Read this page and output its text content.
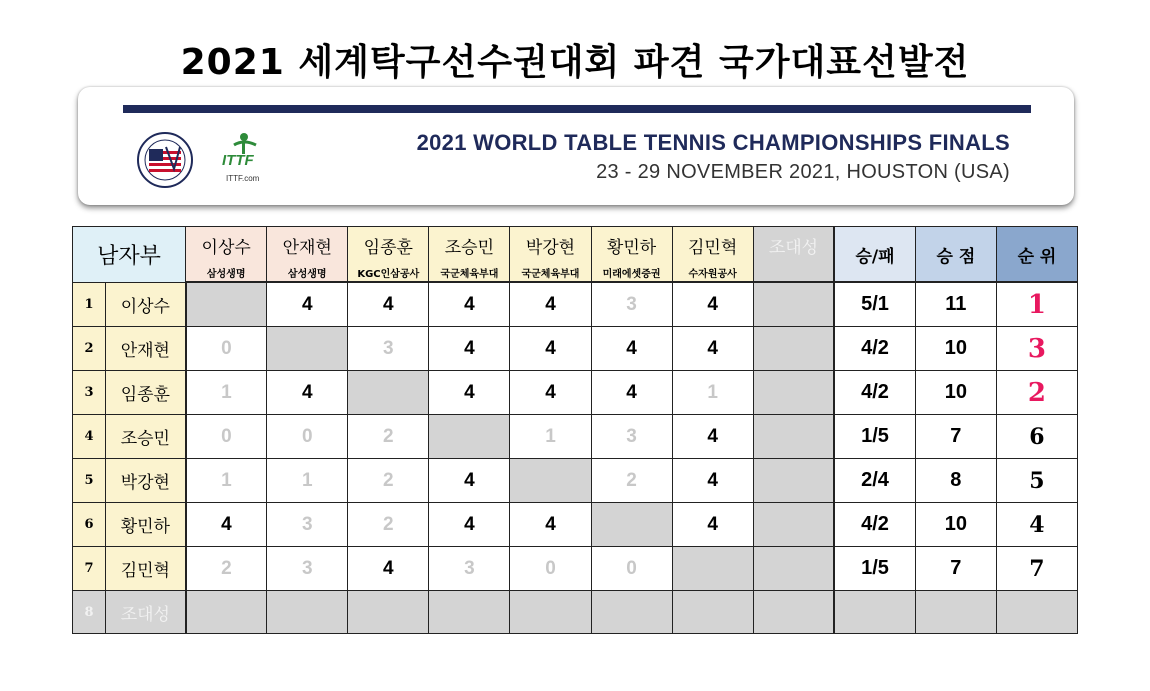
2021 세계탁구선수권대회 파견 국가대표선발전
ITTF
ITTF.com
2021 WORLD TABLE TENNIS CHAMPIONSHIPS FINALS
23 - 29 NOVEMBER 2021, HOUSTON (USA)
남자부		이상수	안재현	임종훈	조승민	박강현	황민하	김민혁	조대성	승/패	승 점	순 위
		삼성생명	삼성생명	KGC인삼공사	국군체육부대	국군체육부대	미래에셋증권	수자원공사				
1	이상수		4	4	4	4	3	4		5/1	11	1
2	안재현	0		3	4	4	4	4		4/2	10	3
3	임종훈	1	4		4	4	4	1		4/2	10	2
4	조승민	0	0	2		1	3	4		1/5	7	6
5	박강현	1	1	2	4		2	4		2/4	8	5
6	황민하	4	3	2	4	4		4		4/2	10	4
7	김민혁	2	3	4	3	0	0			1/5	7	7
8	조대성											
